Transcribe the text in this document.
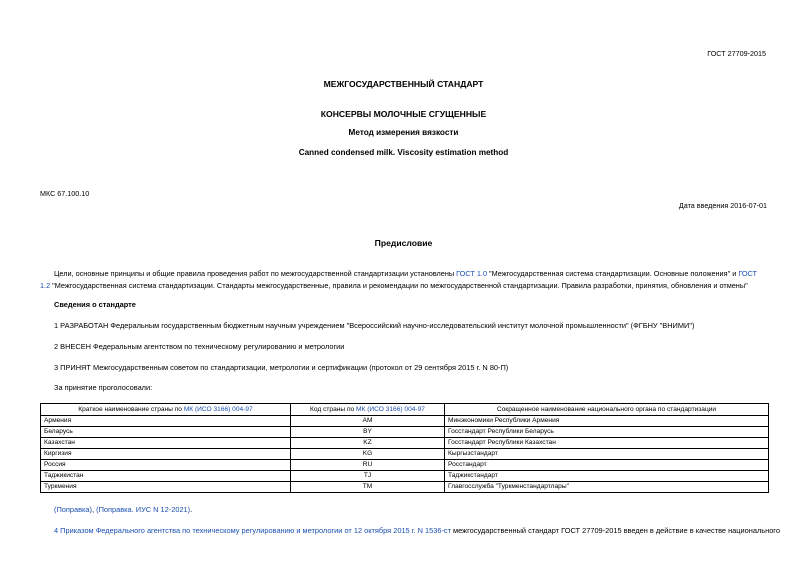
ГОСТ 27709-2015
МЕЖГОСУДАРСТВЕННЫЙ СТАНДАРТ
КОНСЕРВЫ МОЛОЧНЫЕ СГУЩЕННЫЕ
Метод измерения вязкости
Canned condensed milk. Viscosity estimation method
МКС 67.100.10
Дата введения 2016-07-01
Предисловие
Цели, основные принципы и общие правила проведения работ по межгосударственной стандартизации установлены ГОСТ 1.0 "Межгосударственная система стандартизации. Основные положения" и ГОСТ 1.2 "Межгосударственная система стандартизации. Стандарты межгосударственные, правила и рекомендации по межгосударственной стандартизации. Правила разработки, принятия, обновления и отмены"
Сведения о стандарте
1 РАЗРАБОТАН Федеральным государственным бюджетным научным учреждением "Всероссийский научно-исследовательский институт молочной промышленности" (ФГБНУ "ВНИМИ")
2 ВНЕСЕН Федеральным агентством по техническому регулированию и метрологии
3 ПРИНЯТ Межгосударственным советом по стандартизации, метрологии и сертификации (протокол от 29 сентября 2015 г. N 80-П)
За принятие проголосовали:
Краткое наименование страны по МК (ИСО 3166) 004-97	Код страны по МК (ИСО 3166) 004-97	Сокращенное наименование национального органа по стандартизации
Армения	AM	Минэкономики Республики Армения
Беларусь	BY	Госстандарт Республики Беларусь
Казахстан	KZ	Госстандарт Республики Казахстан
Киргизия	KG	Кыргызстандарт
Россия	RU	Росстандарт
Таджикистан	TJ	Таджикстандарт
Туркмения	TM	Главгосслужба "Туркменстандартлары"
(Поправка), (Поправка. ИУС N 12-2021).
4 Приказом Федерального агентства по техническому регулированию и метрологии от 12 октября 2015 г. N 1536-ст межгосударственный стандарт ГОСТ 27709-2015 введен в действие в качестве национального
